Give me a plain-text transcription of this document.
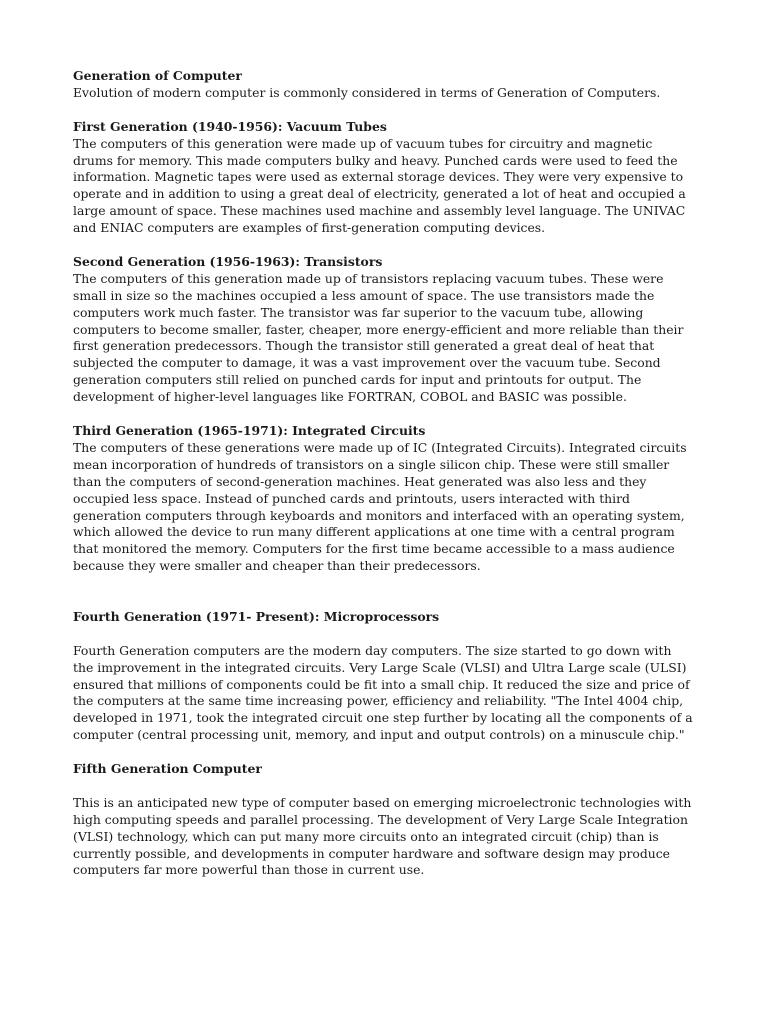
Generation of Computer

Evolution of modern computer is commonly considered in terms of Generation of Computers.

First Generation (1940-1956): Vacuum Tubes

The computers of this generation were made up of vacuum tubes for circuitry and magnetic drums for memory. This made computers bulky and heavy. Punched cards were used to feed the information. Magnetic tapes were used as external storage devices. They were very expensive to operate and in addition to using a great deal of electricity, generated a lot of heat and occupied a large amount of space. These machines used machine and assembly level language. The UNIVAC and ENIAC computers are examples of first-generation computing devices.

Second Generation (1956-1963): Transistors

The computers of this generation made up of transistors replacing vacuum tubes. These were small in size so the machines occupied a less amount of space. The use transistors made the computers work much faster. The transistor was far superior to the vacuum tube, allowing computers to become smaller, faster, cheaper, more energy-efficient and more reliable than their first generation predecessors. Though the transistor still generated a great deal of heat that subjected the computer to damage, it was a vast improvement over the vacuum tube. Second generation computers still relied on punched cards for input and printouts for output. The development of higher-level languages like FORTRAN, COBOL and BASIC was possible.

Third Generation (1965-1971): Integrated Circuits

The computers of these generations were made up of IC (Integrated Circuits). Integrated circuits mean incorporation of hundreds of transistors on a single silicon chip. These were still smaller than the computers of second-generation machines. Heat generated was also less and they occupied less space. Instead of punched cards and printouts, users interacted with third generation computers through keyboards and monitors and interfaced with an operating system, which allowed the device to run many different applications at one time with a central program that monitored the memory. Computers for the first time became accessible to a mass audience because they were smaller and cheaper than their predecessors.

Fourth Generation (1971- Present): Microprocessors

Fourth Generation computers are the modern day computers. The size started to go down with the improvement in the integrated circuits. Very Large Scale (VLSI) and Ultra Large scale (ULSI) ensured that millions of components could be fit into a small chip. It reduced the size and price of the computers at the same time increasing power, efficiency and reliability. "The Intel 4004 chip, developed in 1971, took the integrated circuit one step further by locating all the components of a computer (central processing unit, memory, and input and output controls) on a minuscule chip."

Fifth Generation Computer

This is an anticipated new type of computer based on emerging microelectronic technologies with high computing speeds and parallel processing. The development of Very Large Scale Integration (VLSI) technology, which can put many more circuits onto an integrated circuit (chip) than is currently possible, and developments in computer hardware and software design may produce computers far more powerful than those in current use.
